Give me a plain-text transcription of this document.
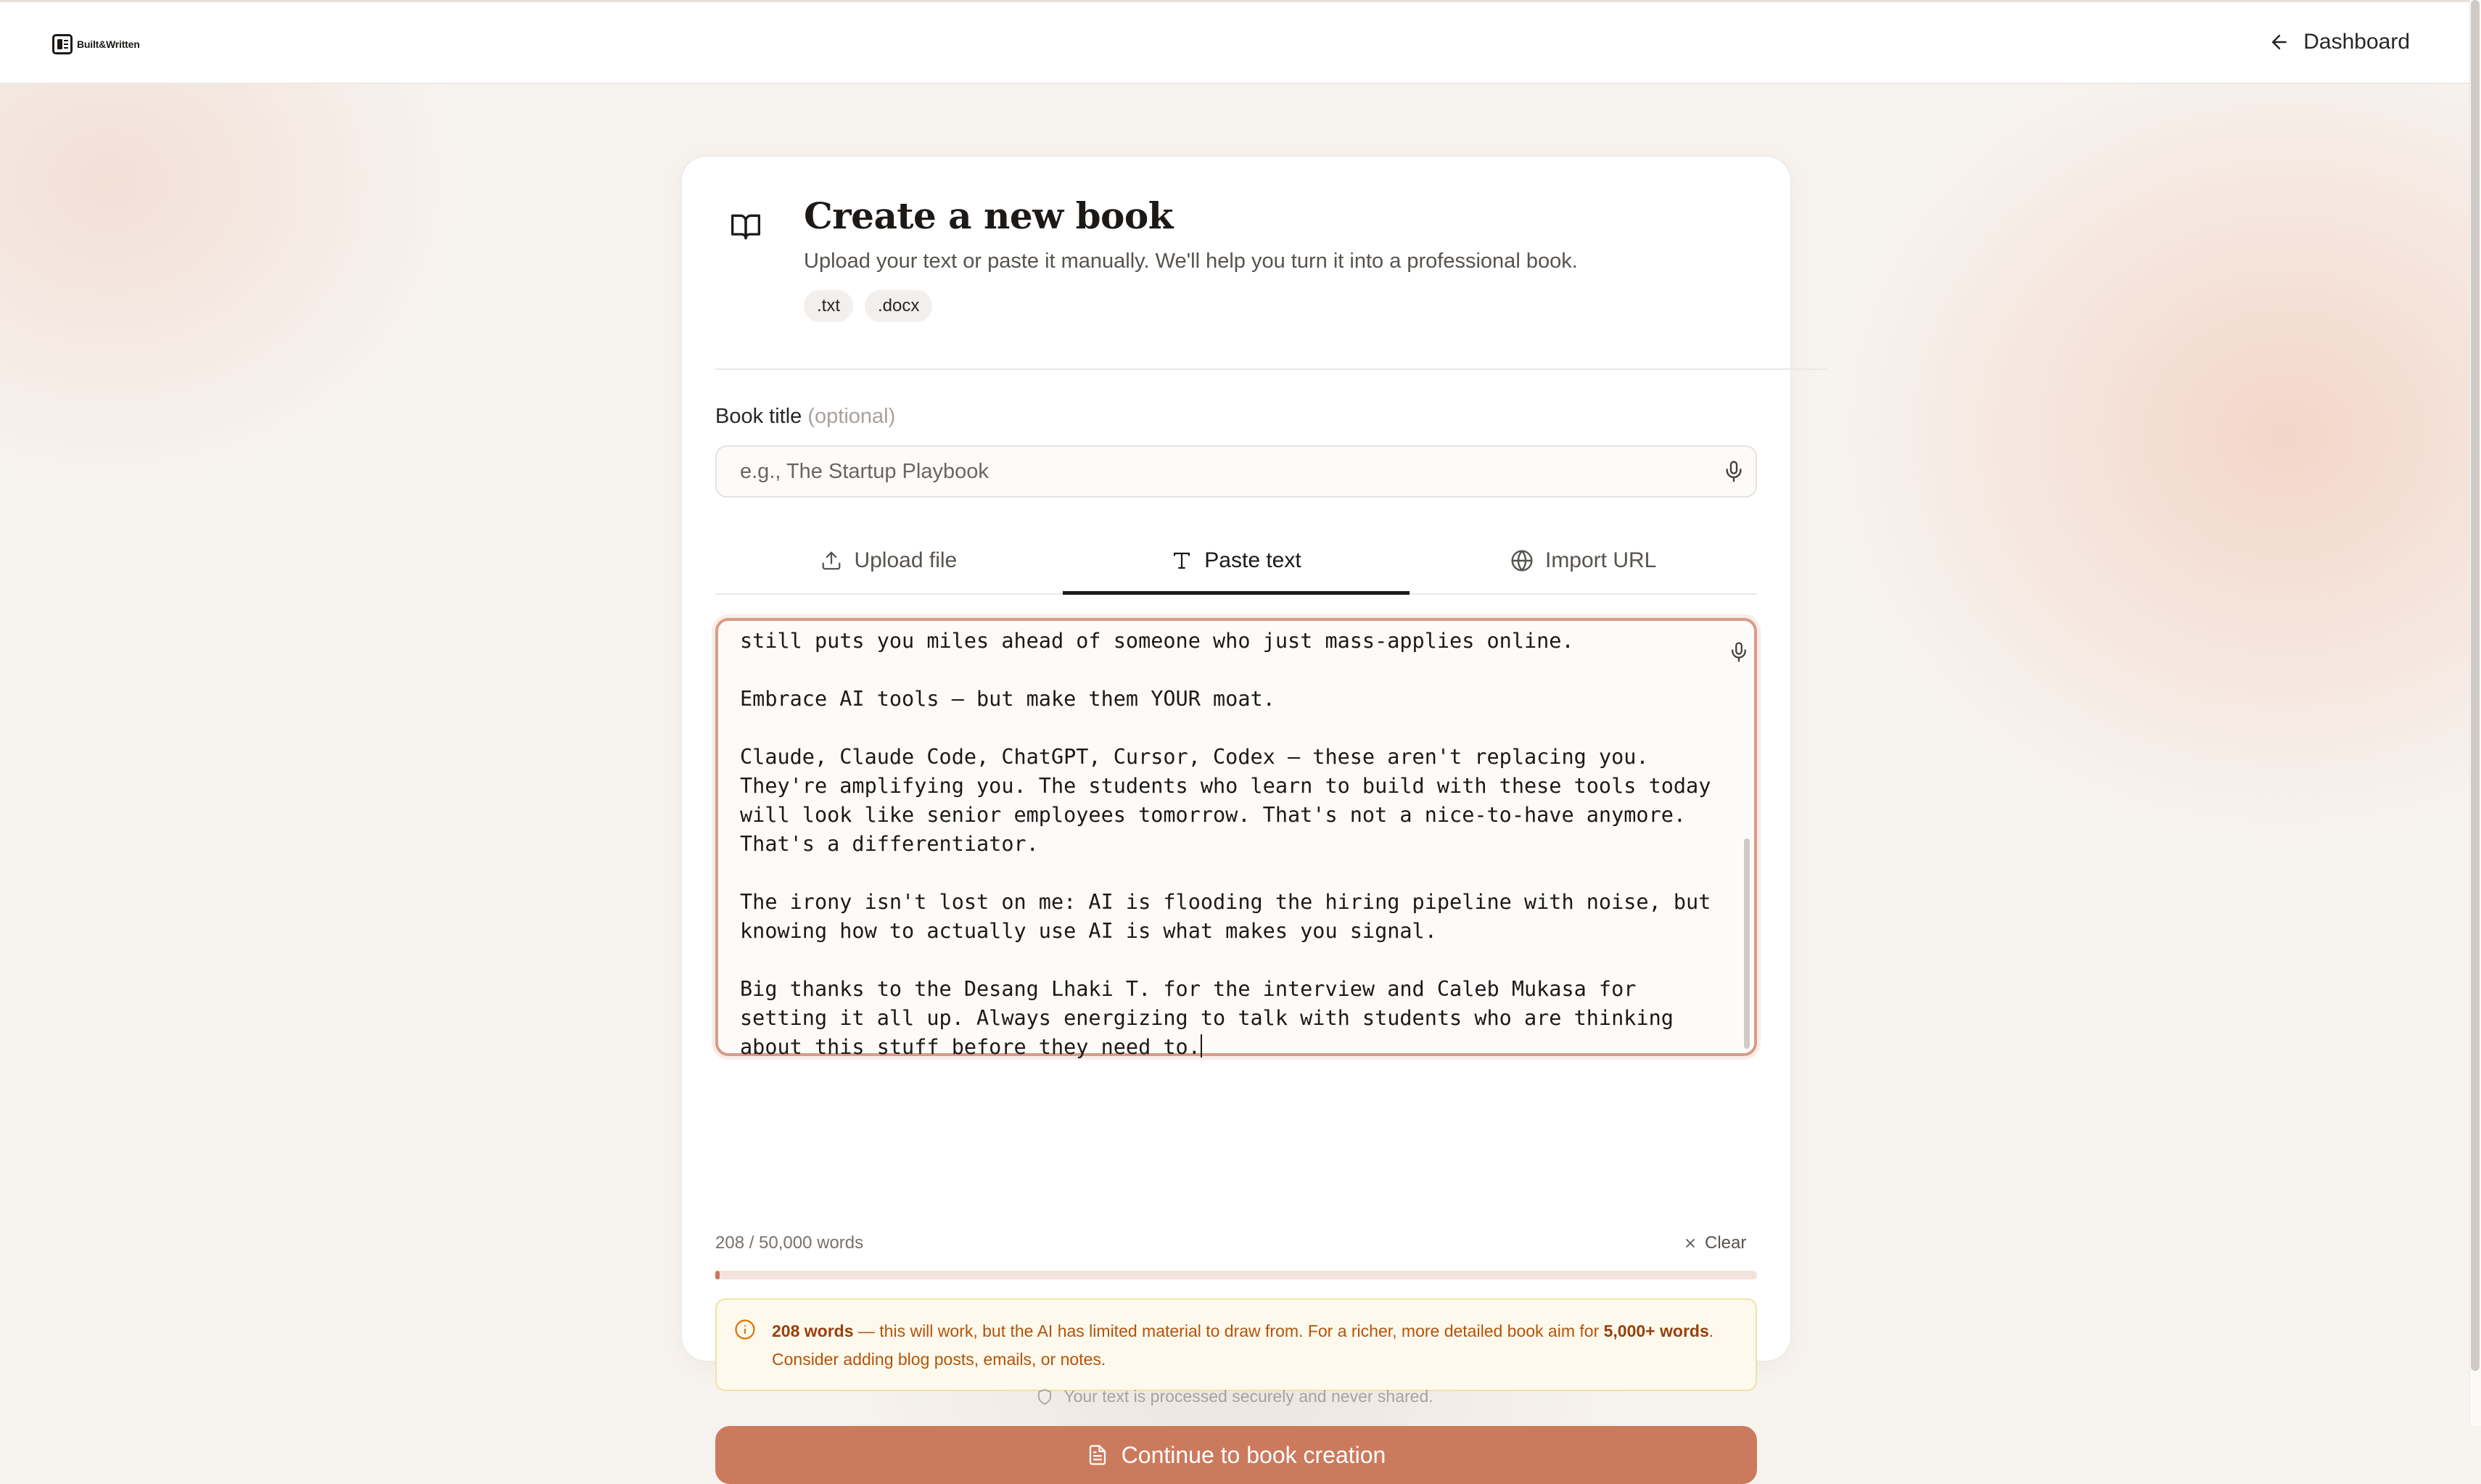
Built&Written	Dashboard
Create a new book

Upload your text or paste it manually. We'll help you turn it into a professional book.

.txt	.docx
Book title (optional)
e.g., The Startup Playbook
Upload file	Paste text	Import URL
still puts you miles ahead of someone who just mass-applies online.

Embrace AI tools — but make them YOUR moat.

Claude, Claude Code, ChatGPT, Cursor, Codex — these aren't replacing you. They're amplifying you. The students who learn to build with these tools today will look like senior employees tomorrow. That's not a nice-to-have anymore. That's a differentiator.

The irony isn't lost on me: AI is flooding the hiring pipeline with noise, but knowing how to actually use AI is what makes you signal.

Big thanks to the Desang Lhaki T. for the interview and Caleb Mukasa for setting it all up. Always energizing to talk with students who are thinking about this stuff before they need to.
208 / 50,000 words	Clear

208 words — this will work, but the AI has limited material to draw from. For a richer, more detailed book aim for 5,000+ words. Consider adding blog posts, emails, or notes.

Continue to book creation
Your text is processed securely and never shared.
